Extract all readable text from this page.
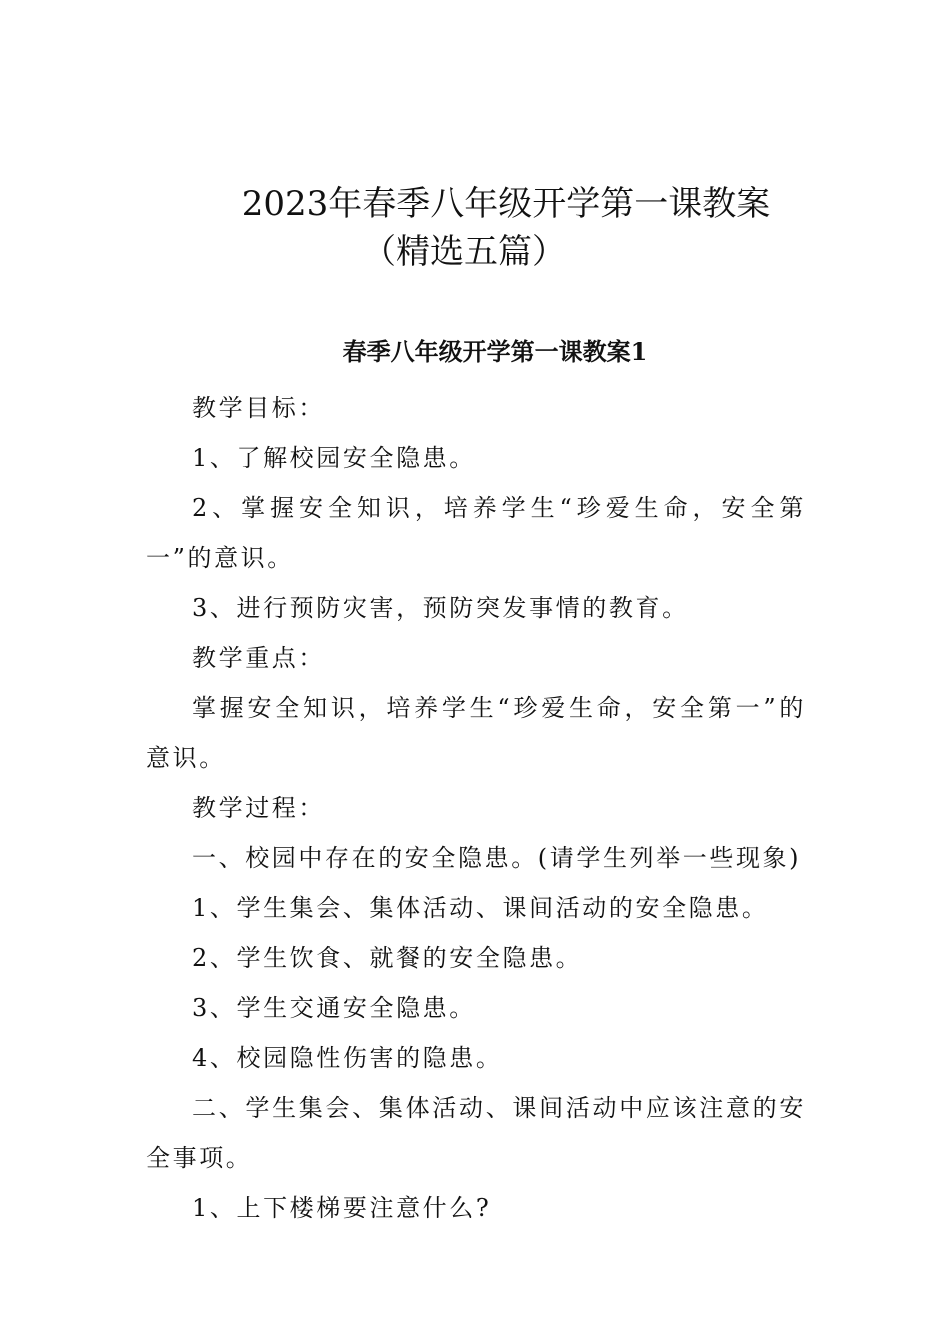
2023年春季八年级开学第一课教案
（精选五篇）
春季八年级开学第一课教案1

教学目标：

1、了解校园安全隐患。

2、掌握安全知识，培养学生“珍爱生命，安全第一”的意识。

3、进行预防灾害，预防突发事情的教育。

教学重点：

掌握安全知识，培养学生“珍爱生命，安全第一”的意识。

教学过程：

一、校园中存在的安全隐患。(请学生列举一些现象)

1、学生集会、集体活动、课间活动的安全隐患。

2、学生饮食、就餐的安全隐患。

3、学生交通安全隐患。

4、校园隐性伤害的隐患。

二、学生集会、集体活动、课间活动中应该注意的安全事项。

1、上下楼梯要注意什么?
